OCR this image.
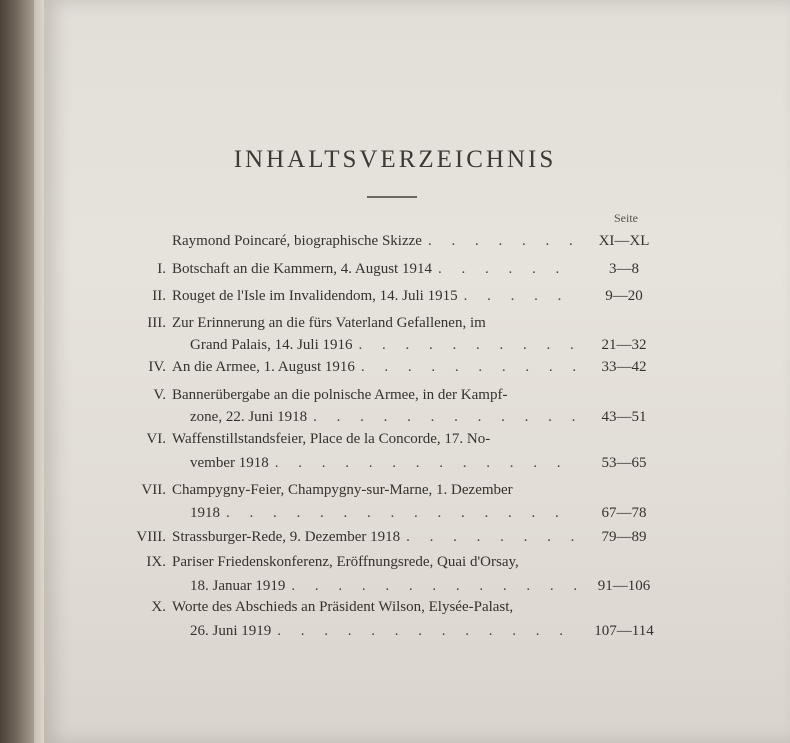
INHALTSVERZEICHNIS
Seite
Raymond Poincaré, biographische Skizze . . .	XI—XL
I. Botschaft an die Kammern, 4. August 1914 . . .	3—8
II. Rouget de l'Isle im Invalidendom, 14. Juli 1915 . . .	9—20
III. Zur Erinnerung an die fürs Vaterland Gefallenen, im
Grand Palais, 14. Juli 1916 . . .	21—32
IV. An die Armee, 1. August 1916 . . .	33—42
V. Bannerübergabe an die polnische Armee, in der Kampf-
zone, 22. Juni 1918 . . .	43—51
VI. Waffenstillstandsfeier, Place de la Concorde, 17. No-
vember 1918 . . .	53—65
VII. Champygny-Feier, Champygny-sur-Marne, 1. Dezember
1918 . . .	67—78
VIII. Strassburger-Rede, 9. Dezember 1918 . . .	79—89
IX. Pariser Friedenskonferenz, Eröffnungsrede, Quai d'Orsay,
18. Januar 1919 . . .	91—106
X. Worte des Abschieds an Präsident Wilson, Elysée-Palast,
26. Juni 1919 . . .	107—114
